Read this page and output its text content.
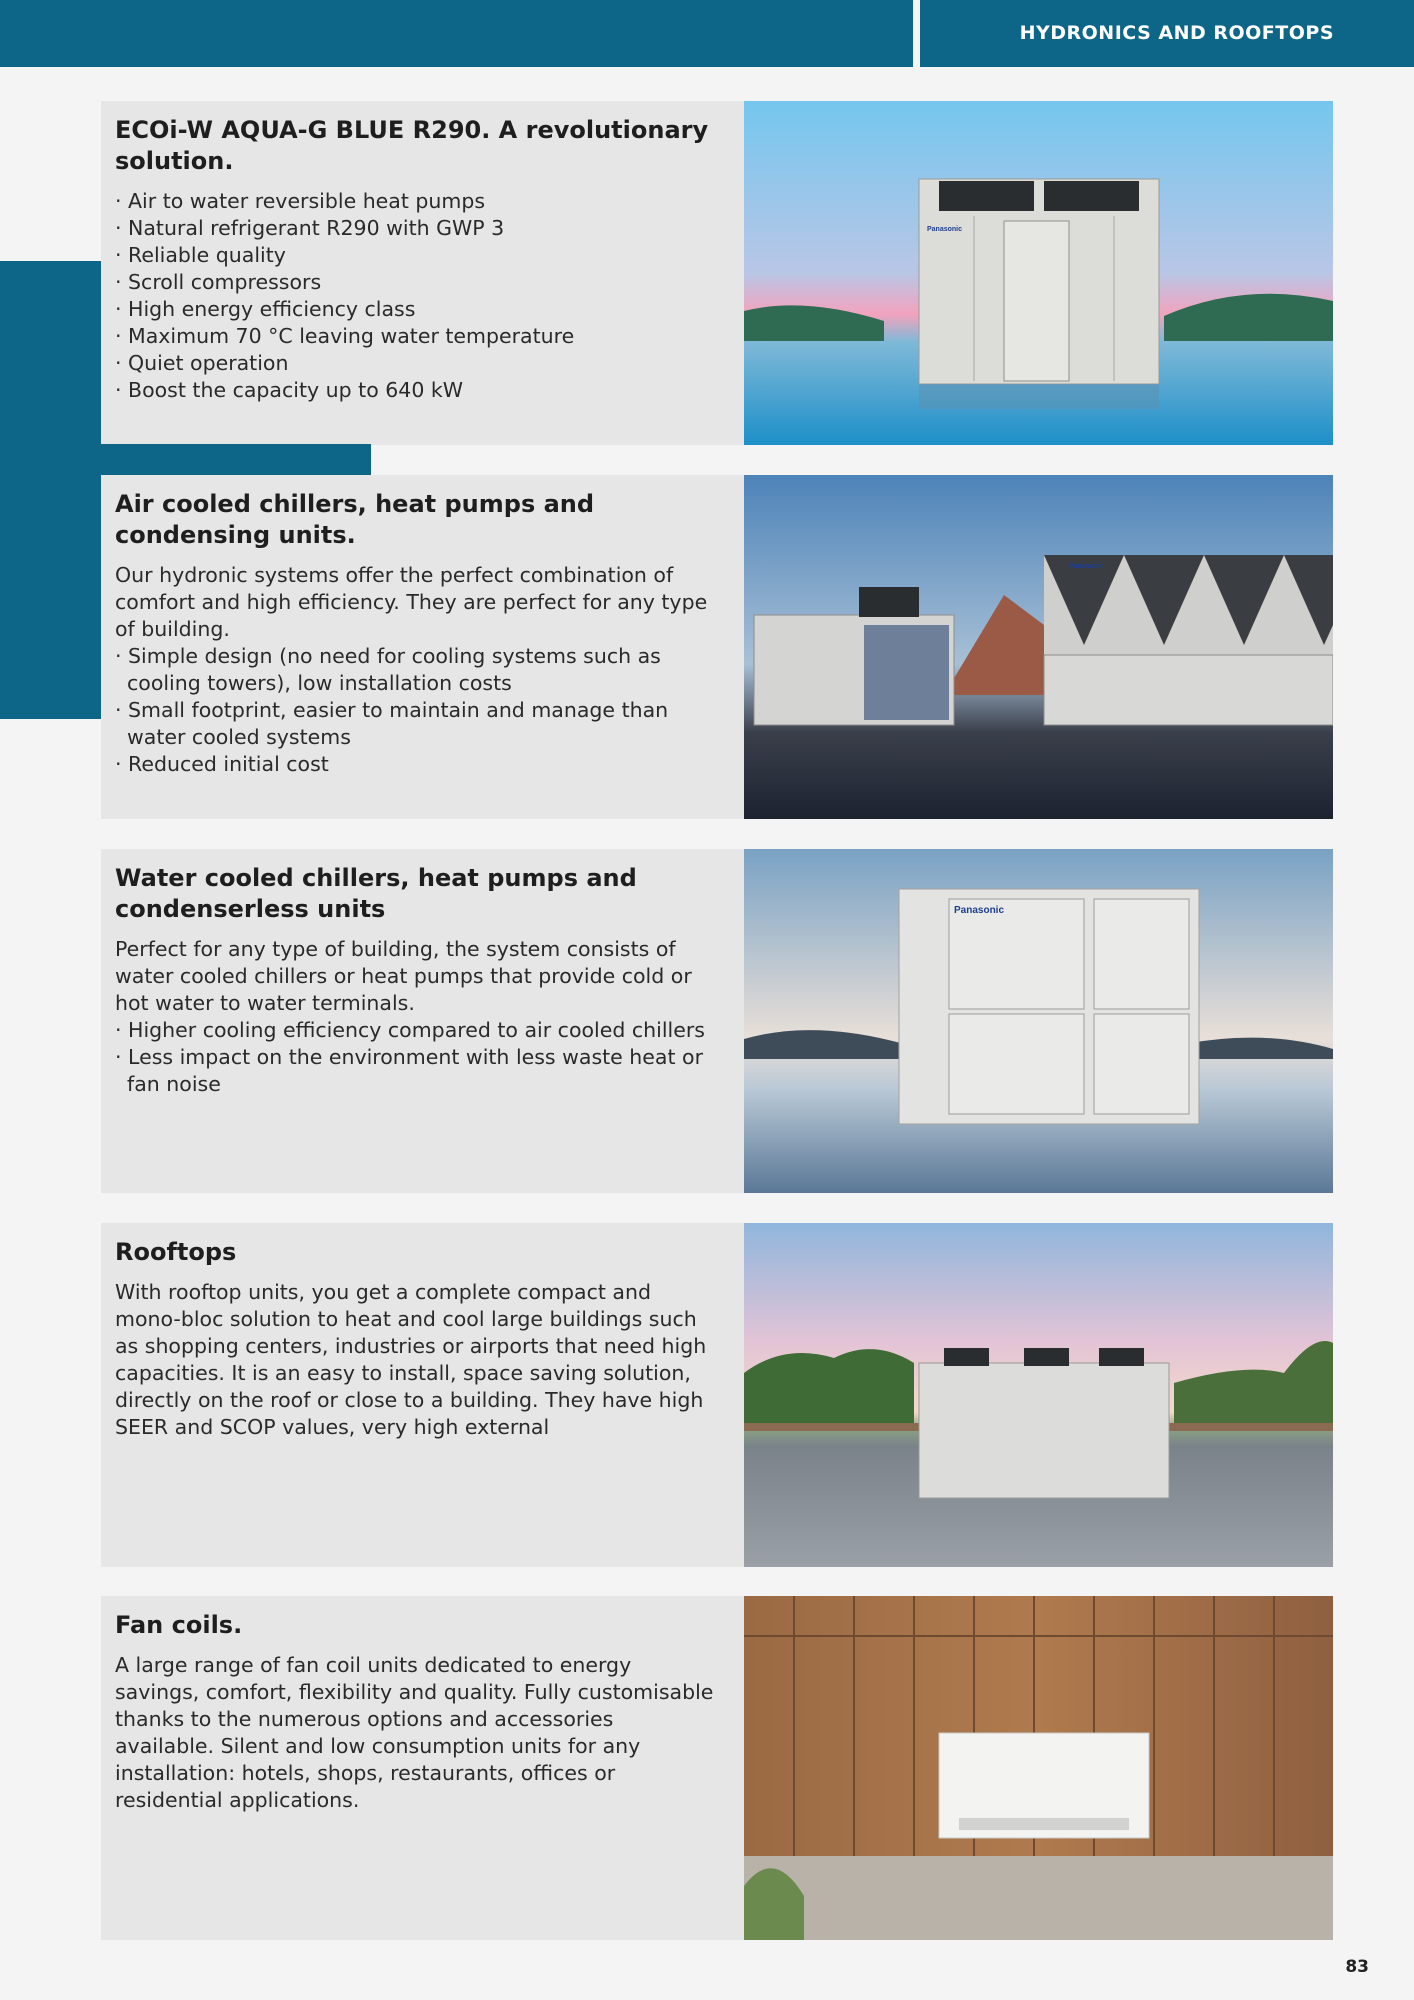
HYDRONICS AND ROOFTOPS
ECOi-W AQUA-G BLUE R290. A revolutionary solution.
· Air to water reversible heat pumps
· Natural refrigerant R290 with GWP 3
· Reliable quality
· Scroll compressors
· High energy efficiency class
· Maximum 70 °C leaving water temperature
· Quiet operation
· Boost the capacity up to 640 kW
Panasonic
Air cooled chillers, heat pumps and condensing units.

Our hydronic systems offer the perfect combination of comfort and high efficiency. They are perfect for any type of building.

· Simple design (no need for cooling systems such as cooling towers), low installation costs
· Small footprint, easier to maintain and manage than water cooled systems
· Reduced initial cost
Panasonic
Water cooled chillers, heat pumps and condenserless units

Perfect for any type of building, the system consists of water cooled chillers or heat pumps that provide cold or hot water to water terminals.

· Higher cooling efficiency compared to air cooled chillers
· Less impact on the environment with less waste heat or fan noise
Panasonic
Rooftops

With rooftop units, you get a complete compact and mono-bloc solution to heat and cool large buildings such as shopping centers, industries or airports that need high capacities. It is an easy to install, space saving solution, directly on the roof or close to a building. They have high SEER and SCOP values, very high external

Fan coils.

A large range of fan coil units dedicated to energy savings, comfort, flexibility and quality. Fully customisable thanks to the numerous options and accessories available. Silent and low consumption units for any installation: hotels, shops, restaurants, offices or residential applications.

83
